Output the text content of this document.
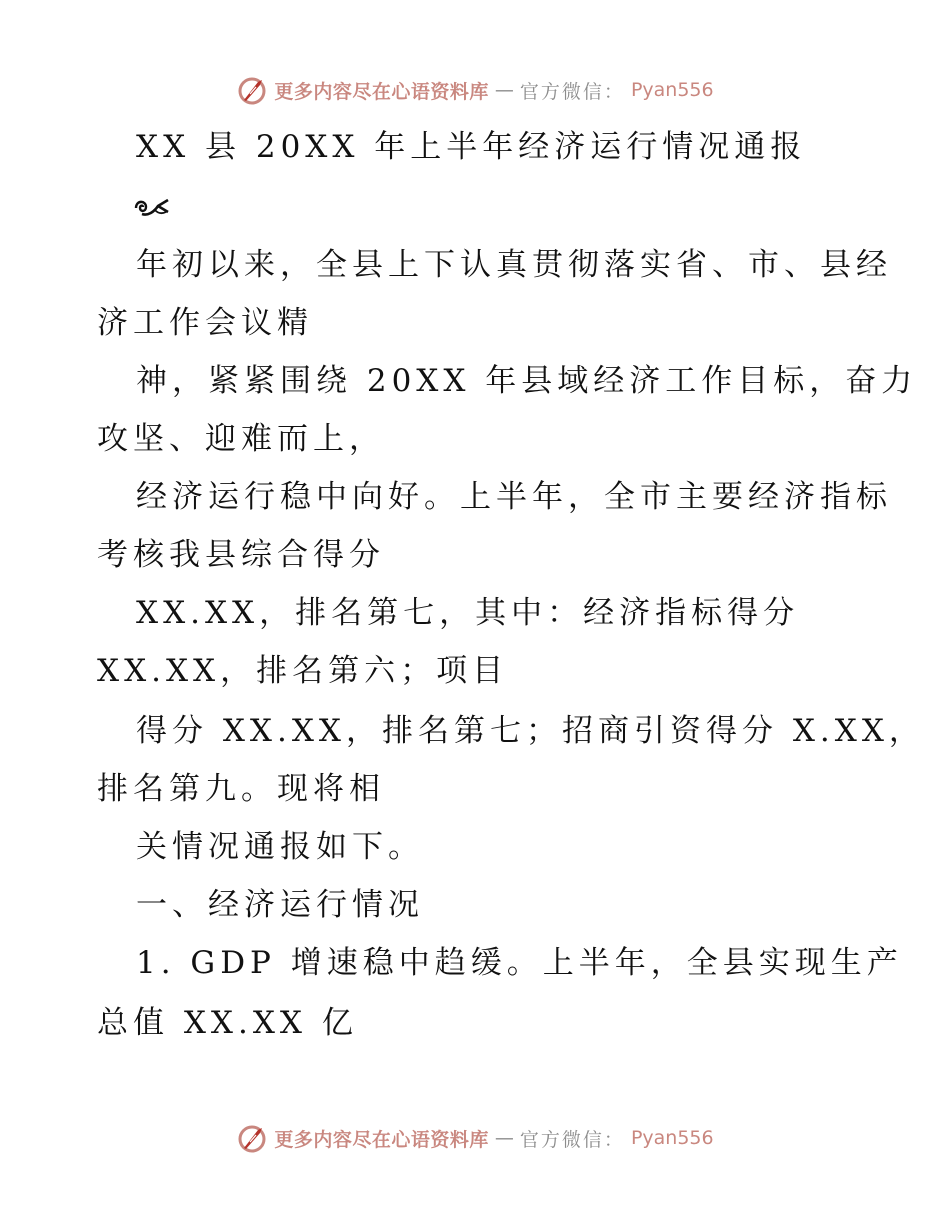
更多内容尽在心语资料库 — 官方微信： Pyan556
XX 县 20XX 年上半年经济运行情况通报
年初以来，全县上下认真贯彻落实省、市、县经
济工作会议精
神，紧紧围绕 20XX 年县域经济工作目标，奋力
攻坚、迎难而上，
经济运行稳中向好。上半年，全市主要经济指标
考核我县综合得分
XX.XX，排名第七，其中：经济指标得分
XX.XX，排名第六；项目
得分 XX.XX，排名第七；招商引资得分 X.XX，
排名第九。现将相
关情况通报如下。
一、经济运行情况
1. GDP 增速稳中趋缓。上半年，全县实现生产
总值 XX.XX 亿
更多内容尽在心语资料库 — 官方微信： Pyan556
